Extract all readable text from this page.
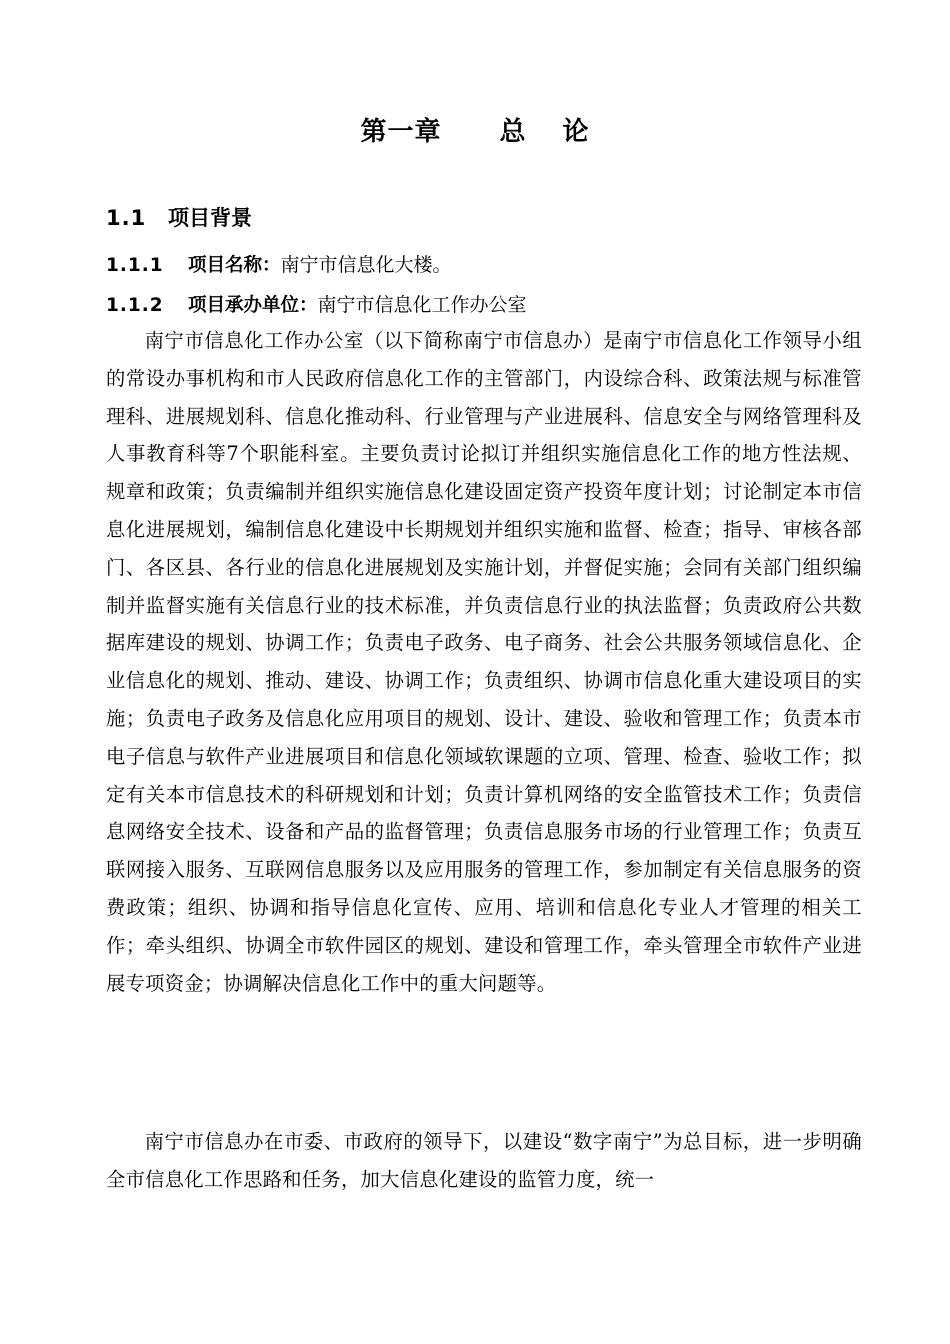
第一章 总 论
1.1 项目背景
1.1.1 项目名称：南宁市信息化大楼。
1.1.2 项目承办单位：南宁市信息化工作办公室

南宁市信息化工作办公室（以下简称南宁市信息办）是南宁市信息化工作领导小组的常设办事机构和市人民政府信息化工作的主管部门，内设综合科、政策法规与标准管理科、进展规划科、信息化推动科、行业管理与产业进展科、信息安全与网络管理科及人事教育科等7个职能科室。主要负责讨论拟订并组织实施信息化工作的地方性法规、规章和政策；负责编制并组织实施信息化建设固定资产投资年度计划；讨论制定本市信息化进展规划，编制信息化建设中长期规划并组织实施和监督、检查；指导、审核各部门、各区县、各行业的信息化进展规划及实施计划，并督促实施；会同有关部门组织编制并监督实施有关信息行业的技术标准，并负责信息行业的执法监督；负责政府公共数据库建设的规划、协调工作；负责电子政务、电子商务、社会公共服务领域信息化、企业信息化的规划、推动、建设、协调工作；负责组织、协调市信息化重大建设项目的实施；负责电子政务及信息化应用项目的规划、设计、建设、验收和管理工作；负责本市电子信息与软件产业进展项目和信息化领域软课题的立项、管理、检查、验收工作；拟定有关本市信息技术的科研规划和计划；负责计算机网络的安全监管技术工作；负责信息网络安全技术、设备和产品的监督管理；负责信息服务市场的行业管理工作；负责互联网接入服务、互联网信息服务以及应用服务的管理工作，参加制定有关信息服务的资费政策；组织、协调和指导信息化宣传、应用、培训和信息化专业人才管理的相关工作；牵头组织、协调全市软件园区的规划、建设和管理工作，牵头管理全市软件产业进展专项资金；协调解决信息化工作中的重大问题等。

南宁市信息办在市委、市政府的领导下，以建设“数字南宁”为总目标，进一步明确全市信息化工作思路和任务，加大信息化建设的监管力度，统一
